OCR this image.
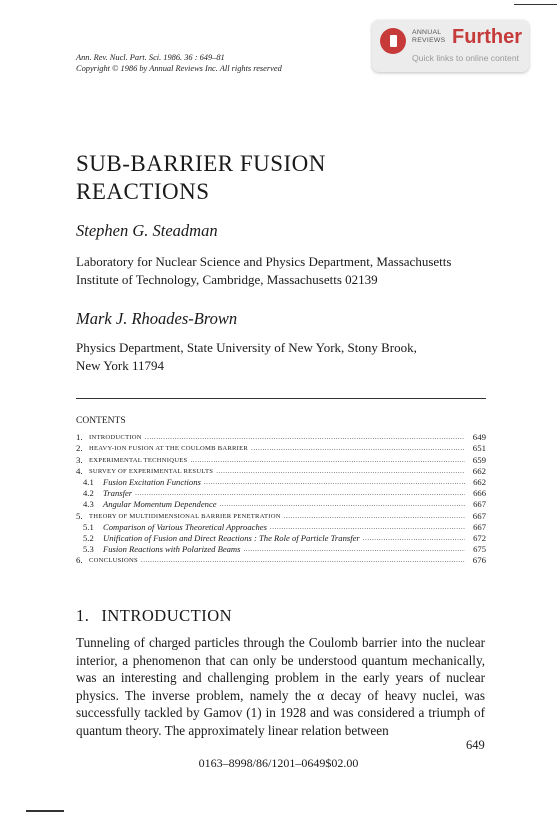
Ann. Rev. Nucl. Part. Sci. 1986. 36 : 649–81
Copyright © 1986 by Annual Reviews Inc. All rights reserved
ANNUAL
REVIEWS Further
Quick links to online content
SUB-BARRIER FUSION
REACTIONS
Stephen G. Steadman
Laboratory for Nuclear Science and Physics Department, Massachusetts
Institute of Technology, Cambridge, Massachusetts 02139
Mark J. Rhoades-Brown
Physics Department, State University of New York, Stony Brook,
New York 11794
CONTENTS
1. INTRODUCTION . . .	649
2. HEAVY-ION FUSION AT THE COULOMB BARRIER . . .	651
3. EXPERIMENTAL TECHNIQUES . . .	659
4. SURVEY OF EXPERIMENTAL RESULTS . . .	662
4.1	Fusion Excitation Functions . . .	662
4.2	Transfer . . .	666
4.3	Angular Momentum Dependence . . .	667
5. THEORY OF MULTIDIMENSIONAL BARRIER PENETRATION . . .	667
5.1	Comparison of Various Theoretical Approaches . . .	667
5.2	Unification of Fusion and Direct Reactions : The Role of Particle Transfer . . .	672
5.3	Fusion Reactions with Polarized Beams . . .	675
6. CONCLUSIONS . . .	676
1. INTRODUCTION
Tunneling of charged particles through the Coulomb barrier into the nuclear interior, a phenomenon that can only be understood quantum mechanically, was an interesting and challenging problem in the early years of nuclear physics. The inverse problem, namely the α decay of heavy nuclei, was successfully tackled by Gamov (1) in 1928 and was considered a triumph of quantum theory. The approximately linear relation between
649
0163–8998/86/1201–0649$02.00
